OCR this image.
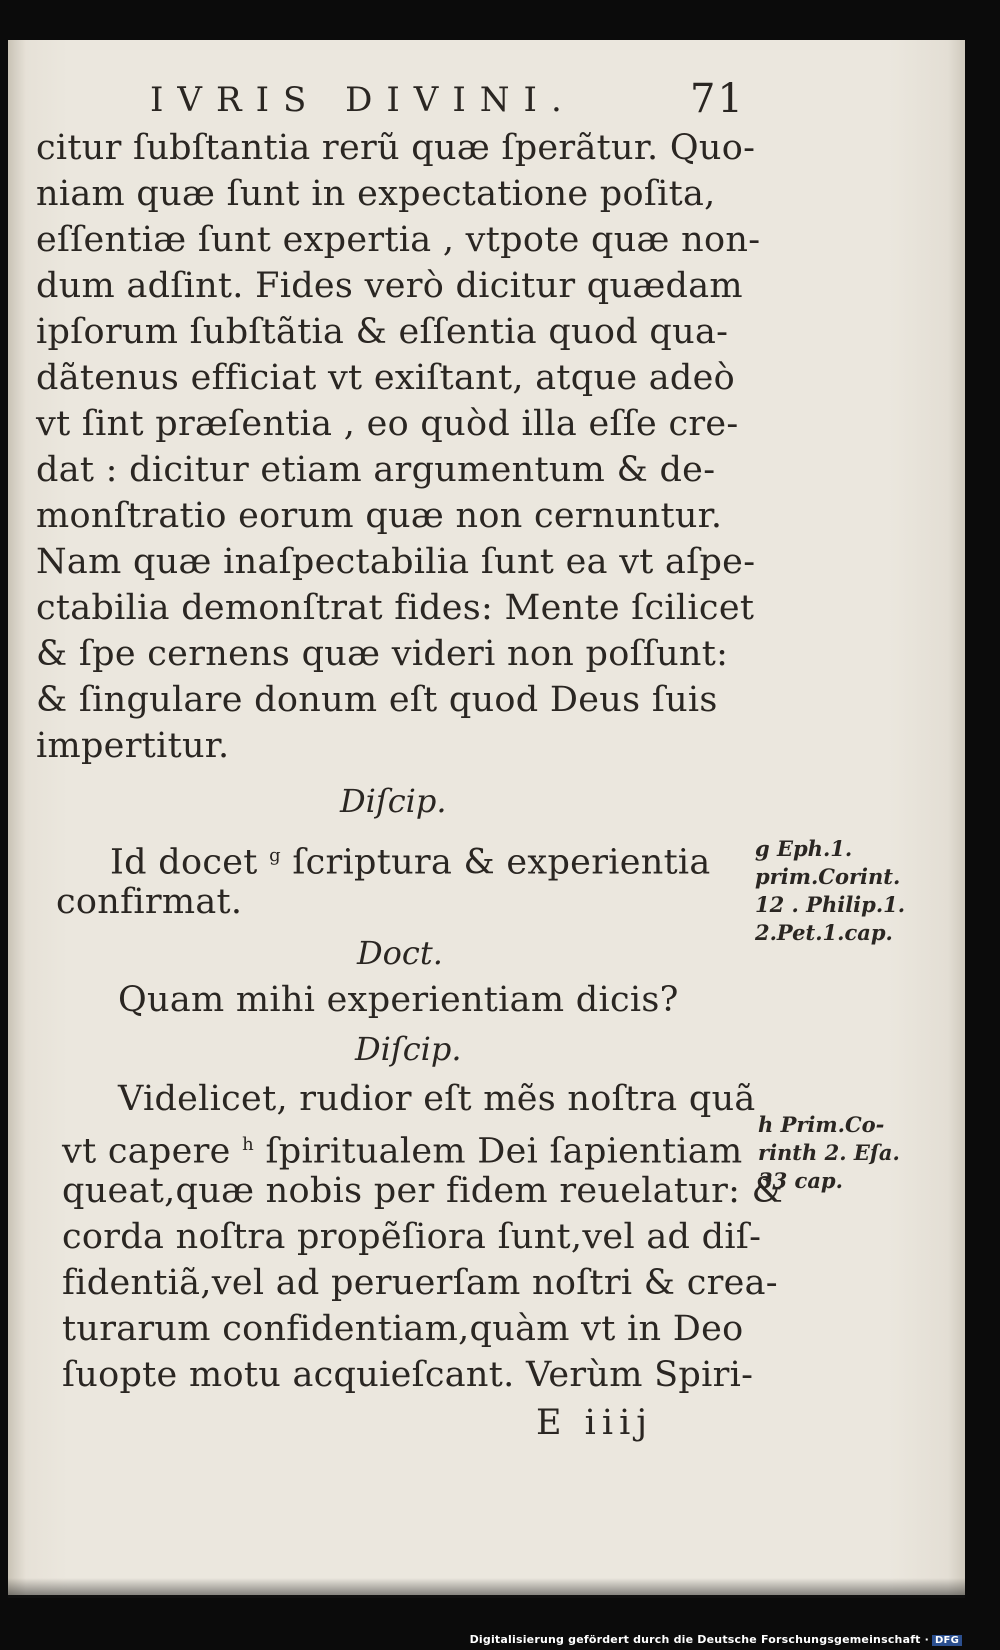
IVRIS DIVINI.	71
citur ſubſtantia rerũ quæ ſperãtur. Quo-
niam quæ ſunt in expectatione poſita,
eſſentiæ ſunt expertia , vtpote quæ non-
dum adſint. Fides verò dicitur quædam
ipſorum ſubſtãtia & eſſentia quod qua-
dãtenus efficiat vt exiſtant, atque adeò
vt ſint præſentia , eo quòd illa eſſe cre-
dat : dicitur etiam argumentum & de-
monſtratio eorum quæ non cernuntur.
Nam quæ inaſpectabilia ſunt ea vt aſpe-
ctabilia demonſtrat fides: Mente ſcilicet
& ſpe cernens quæ videri non poſſunt:
& ſingulare donum eſt quod Deus ſuis
impertitur.
Diſcip.
Id docet $^g$ ſcriptura & experientia
confirmat.
Doct.
Quam mihi experientiam dicis?
Diſcip.
Videlicet, rudior eſt mẽs noſtra quã
vt capere $^h$ ſpiritualem Dei ſapientiam
queat,quæ nobis per fidem reuelatur: &
corda noſtra propẽſiora ſunt,vel ad diſ-
fidentiã,vel ad peruerſam noſtri & crea-
turarum confidentiam,quàm vt in Deo
ſuopte motu acquieſcant. Verùm Spiri-
E iiij
g Eph.1.
prim.Corint.
12 . Philip.1.
2.Pet.1.cap.
h Prim.Co-
rinth 2. Eſa.
33 cap.
Digitalisierung gefördert durch die Deutsche Forschungsgemeinschaft · DFG
